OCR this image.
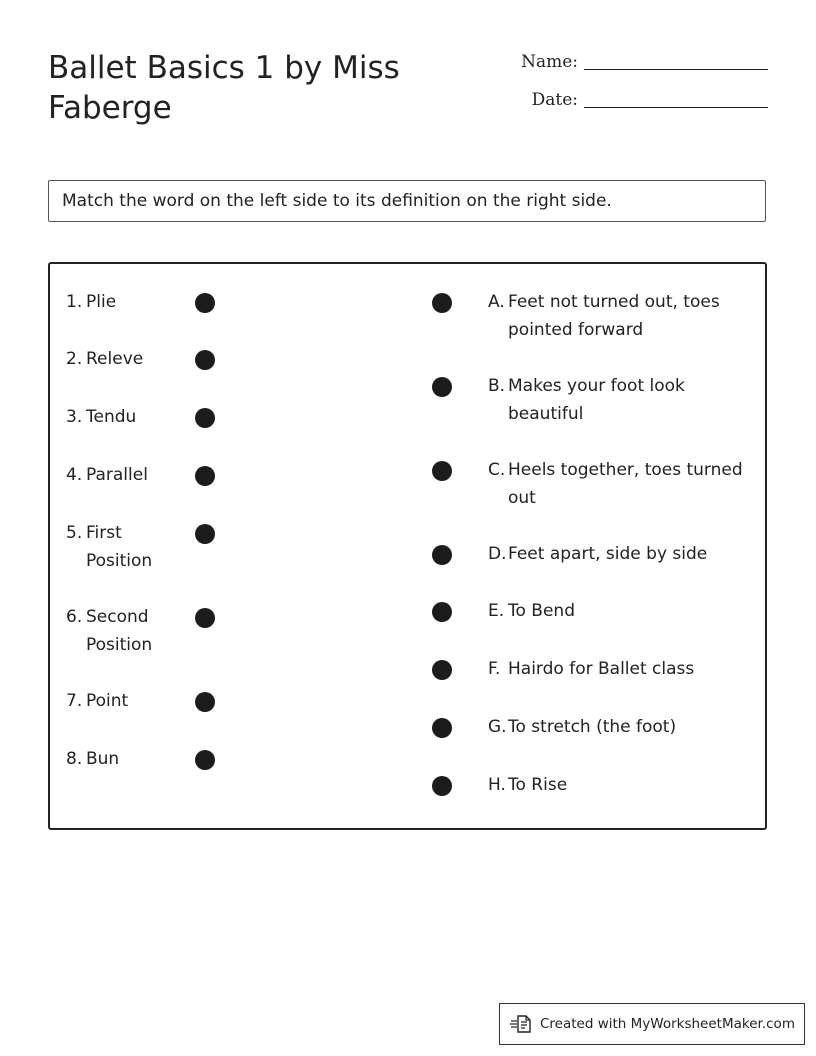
Ballet Basics 1 by Miss Faberge
Name:
Date:
Match the word on the left side to its definition on the right side.
1. Plie
2. Releve
3. Tendu
4. Parallel
5. First Position
6. Second Position
7. Point
8. Bun
A. Feet not turned out, toes pointed forward
B. Makes your foot look beautiful
C. Heels together, toes turned out
D. Feet apart, side by side
E. To Bend
F. Hairdo for Ballet class
G. To stretch (the foot)
H. To Rise
Created with MyWorksheetMaker.com
